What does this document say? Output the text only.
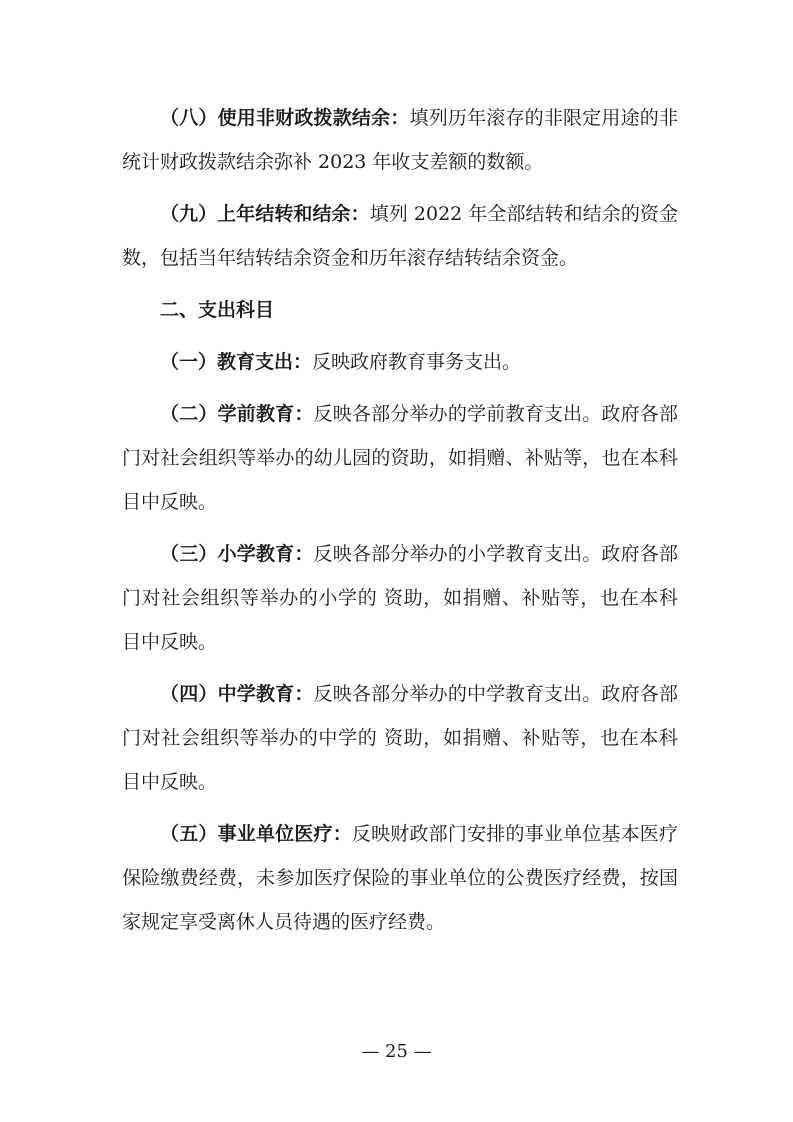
（八）使用非财政拨款结余：填列历年滚存的非限定用途的非统计财政拨款结余弥补 2023 年收支差额的数额。

（九）上年结转和结余：填列 2022 年全部结转和结余的资金数，包括当年结转结余资金和历年滚存结转结余资金。

二、支出科目

（一）教育支出：反映政府教育事务支出。

（二）学前教育：反映各部分举办的学前教育支出。政府各部门对社会组织等举办的幼儿园的资助，如捐赠、补贴等，也在本科目中反映。

（三）小学教育：反映各部分举办的小学教育支出。政府各部门对社会组织等举办的小学的 资助，如捐赠、补贴等，也在本科目中反映。

（四）中学教育：反映各部分举办的中学教育支出。政府各部门对社会组织等举办的中学的 资助，如捐赠、补贴等，也在本科目中反映。

（五）事业单位医疗：反映财政部门安排的事业单位基本医疗保险缴费经费，未参加医疗保险的事业单位的公费医疗经费，按国家规定享受离休人员待遇的医疗经费。

— 25 —
